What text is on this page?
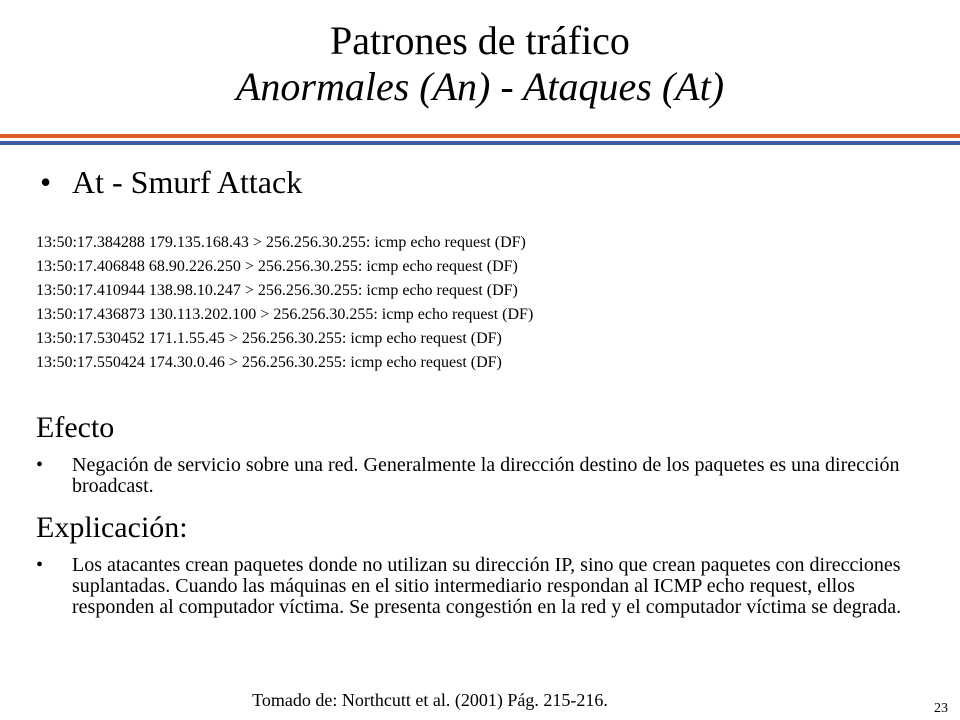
Patrones de tráfico
Anormales (An) - Ataques (At)
• At - Smurf Attack
13:50:17.384288 179.135.168.43 > 256.256.30.255: icmp echo request (DF)
13:50:17.406848 68.90.226.250 > 256.256.30.255: icmp echo request (DF)
13:50:17.410944 138.98.10.247 > 256.256.30.255: icmp echo request (DF)
13:50:17.436873 130.113.202.100 > 256.256.30.255: icmp echo request (DF)
13:50:17.530452 171.1.55.45 > 256.256.30.255: icmp echo request (DF)
13:50:17.550424 174.30.0.46 > 256.256.30.255: icmp echo request (DF)
Efecto
•	Negación de servicio sobre una red. Generalmente la dirección destino de los paquetes es una dirección broadcast.
Explicación:
•	Los atacantes crean paquetes donde no utilizan su dirección IP, sino que crean paquetes con direcciones suplantadas. Cuando las máquinas en el sitio intermediario respondan al ICMP echo request, ellos responden al computador víctima. Se presenta congestión en la red y el computador víctima se degrada.
Tomado de: Northcutt et al. (2001) Pág. 215-216.	23
